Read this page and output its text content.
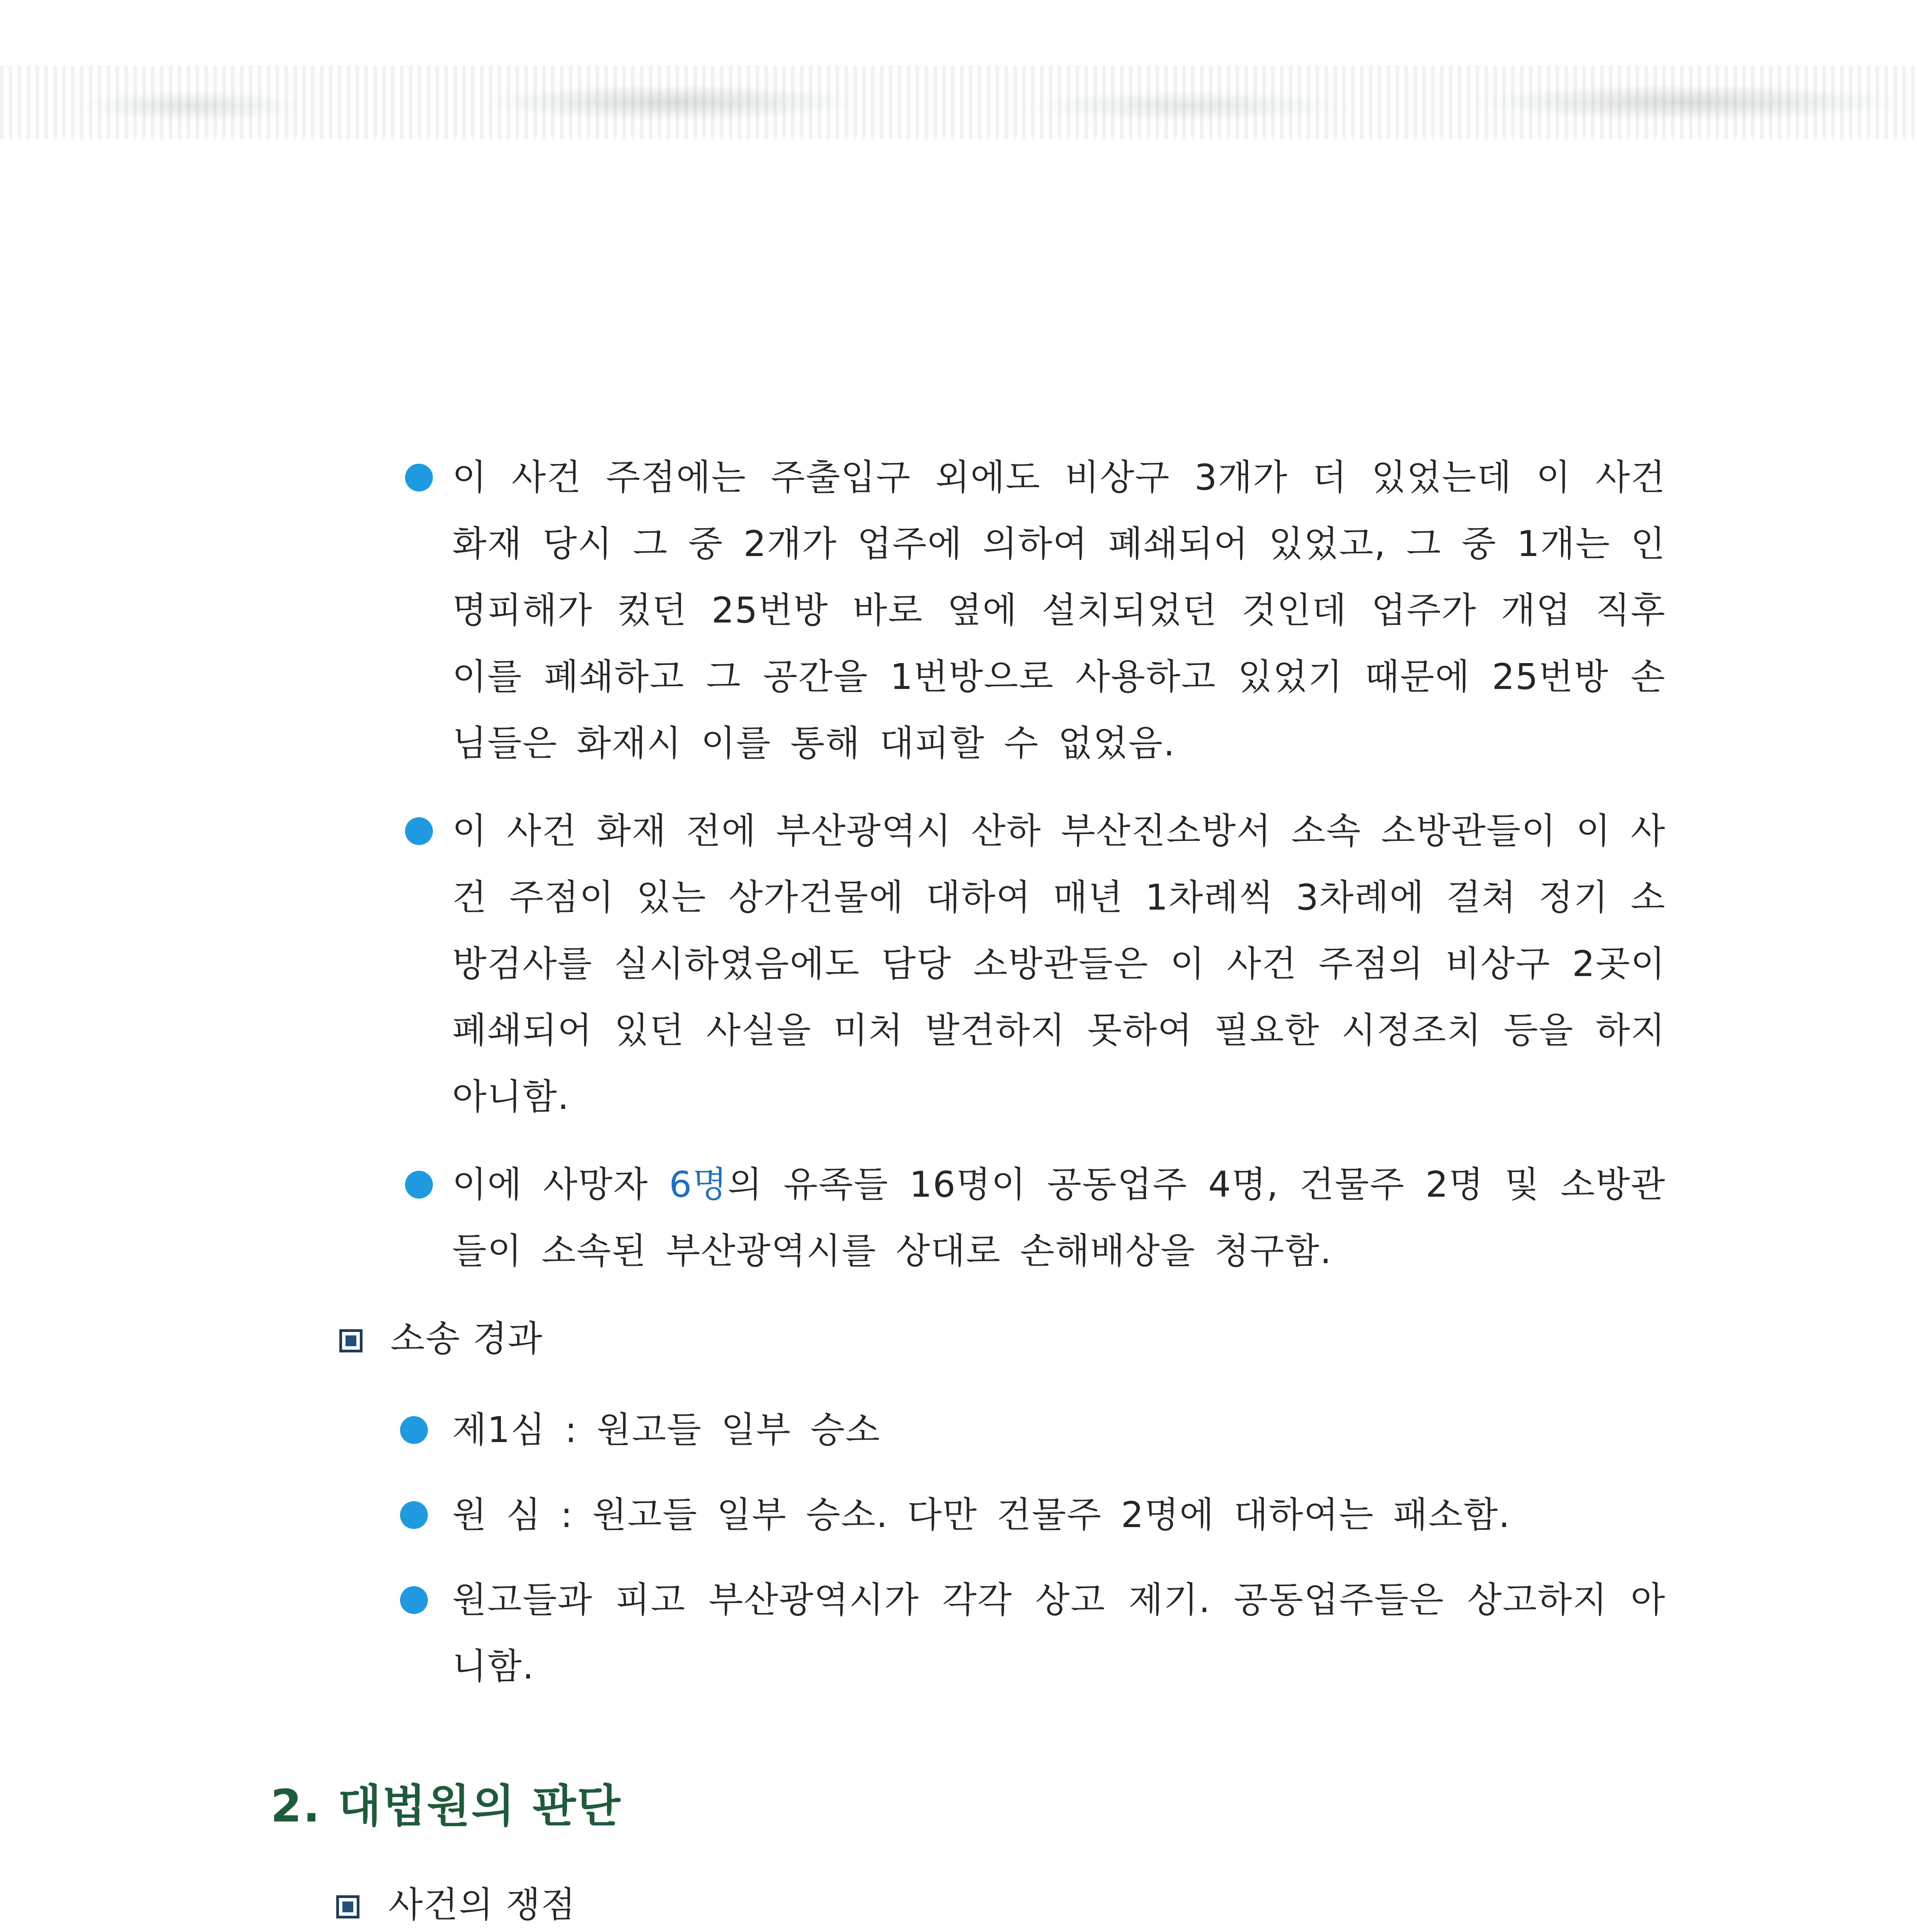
이 사건 주점에는 주출입구 외에도 비상구 3개가 더 있었는데 이 사건 화재 당시 그 중 2개가 업주에 의하여 폐쇄되어 있었고, 그 중 1개는 인명피해가 컸던 25번방 바로 옆에 설치되었던 것인데 업주가 개업 직후 이를 폐쇄하고 그 공간을 1번방으로 사용하고 있었기 때문에 25번방 손님들은 화재시 이를 통해 대피할 수 없었음.

이 사건 화재 전에 부산광역시 산하 부산진소방서 소속 소방관들이 이 사건 주점이 있는 상가건물에 대하여 매년 1차례씩 3차례에 걸쳐 정기 소방검사를 실시하였음에도 담당 소방관들은 이 사건 주점의 비상구 2곳이 폐쇄되어 있던 사실을 미처 발견하지 못하여 필요한 시정조치 등을 하지 아니함.

이에 사망자 6명의 유족들 16명이 공동업주 4명, 건물주 2명 및 소방관들이 소속된 부산광역시를 상대로 손해배상을 청구함.

소송 경과

제1심 : 원고들 일부 승소

원 심 : 원고들 일부 승소. 다만 건물주 2명에 대하여는 패소함.

원고들과 피고 부산광역시가 각각 상고 제기. 공동업주들은 상고하지 아니함.

2. 대법원의 판단

사건의 쟁점
